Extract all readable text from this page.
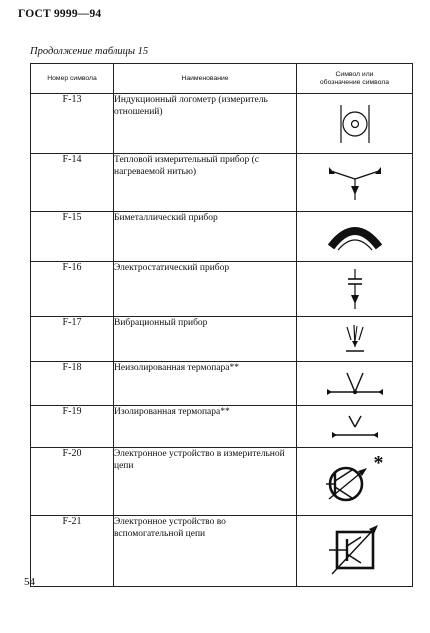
ГОСТ 9999—94
Продолжение таблицы 15
Номер символа	Наименование	Символ или обозначение символа
F-13	Индукционный логометр (измеритель отношений)	

F-14	Тепловой измерительный прибор (с нагреваемой нитью)	

F-15	Биметаллический прибор	

F-16	Электростатический прибор	

F-17	Вибрационный прибор	

F-18	Неизолированная термопара**	

F-19	Изолированная термопара**	

F-20	Электронное устройство в измерительной цепи	*

F-21	Электронное устройство во вспомогательной цепи	
54
